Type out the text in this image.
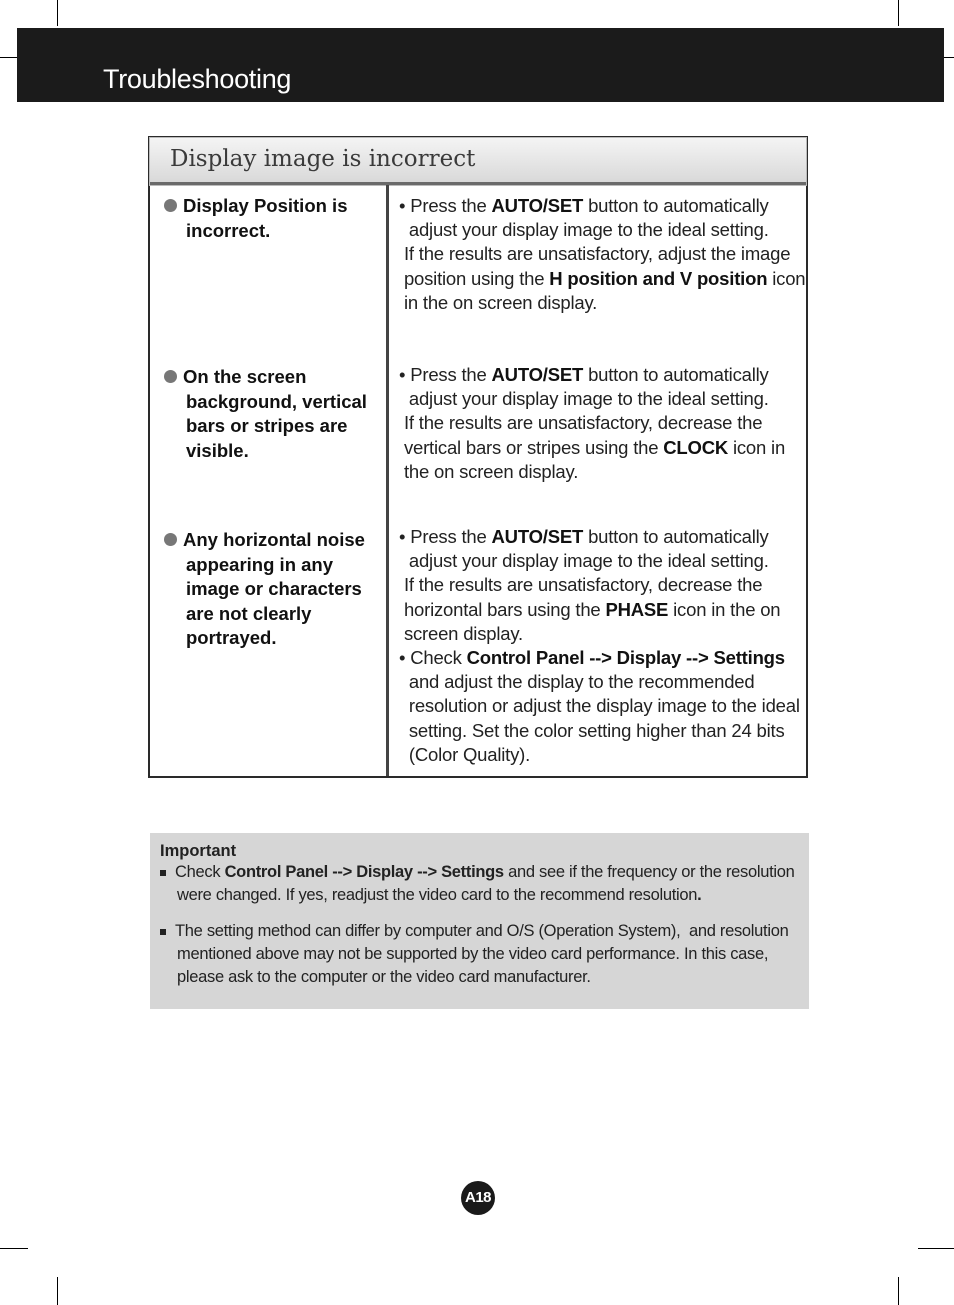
Troubleshooting
Display image is incorrect
Display Position is
incorrect.
• Press the AUTO/SET button to automatically
adjust your display image to the ideal setting.
If the results are unsatisfactory, adjust the image
position using the H position and V position icon
in the on screen display.
On the screen
background, vertical
bars or stripes are
visible.
• Press the AUTO/SET button to automatically
adjust your display image to the ideal setting.
If the results are unsatisfactory, decrease the
vertical bars or stripes using the CLOCK icon in
the on screen display.
Any horizontal noise
appearing in any
image or characters
are not clearly
portrayed.
• Press the AUTO/SET button to automatically
adjust your display image to the ideal setting.
If the results are unsatisfactory, decrease the
horizontal bars using the PHASE icon in the on
screen display.
• Check Control Panel --> Display --> Settings
and adjust the display to the recommended
resolution or adjust the display image to the ideal
setting. Set the color setting higher than 24 bits
(Color Quality).
Important
Check Control Panel --> Display --> Settings and see if the frequency or the resolution
were changed. If yes, readjust the video card to the recommend resolution.
The setting method can differ by computer and O/S (Operation System),  and resolution
mentioned above may not be supported by the video card performance. In this case,
please ask to the computer or the video card manufacturer.
A18
